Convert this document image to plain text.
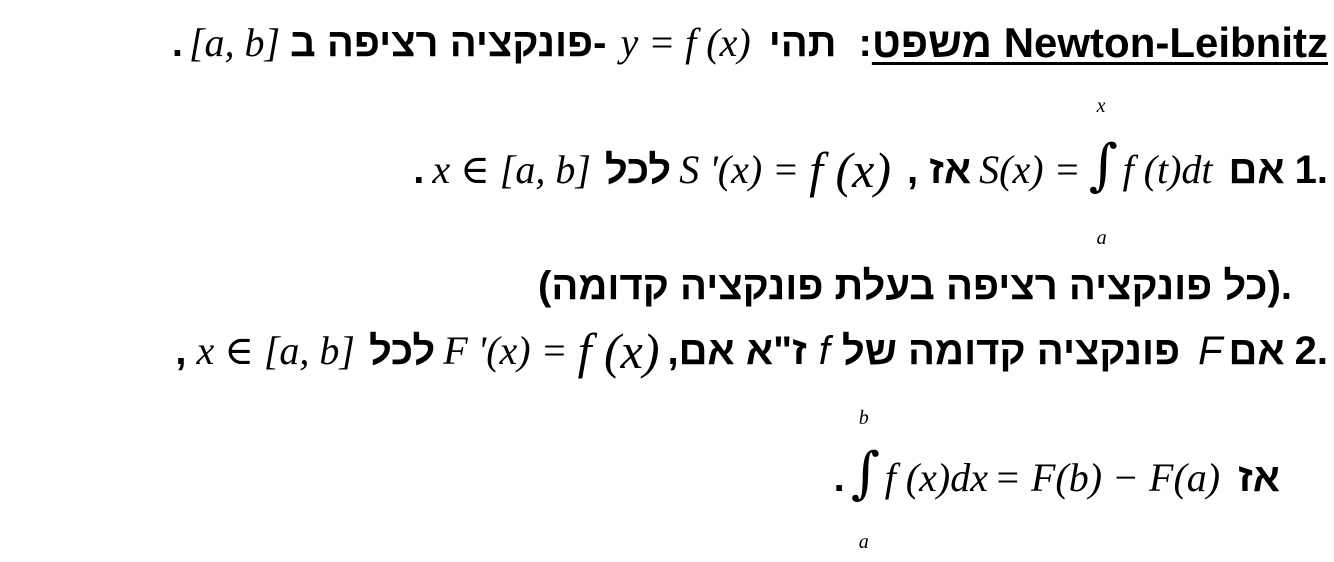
משפט Newton-Leibnitz
:
תהי
y = f (x)
פונקציה רציפה ב-
[a, b]
.
1.
אם
f (t)dt
∫
x
a
S(x) =
, אז
f (x)
S '(x) =
לכל
x ∈ [a, b]
.
(כל פונקציה רציפה בעלת פונקציה קדומה).
2.
אם
F
פונקציה קדומה של
f
,ז"א אם
f (x)
F '(x) =
לכל
x ∈ [a, b]
,
אז
= F(b) − F(a)
f (x)dx
∫
b
a
.
